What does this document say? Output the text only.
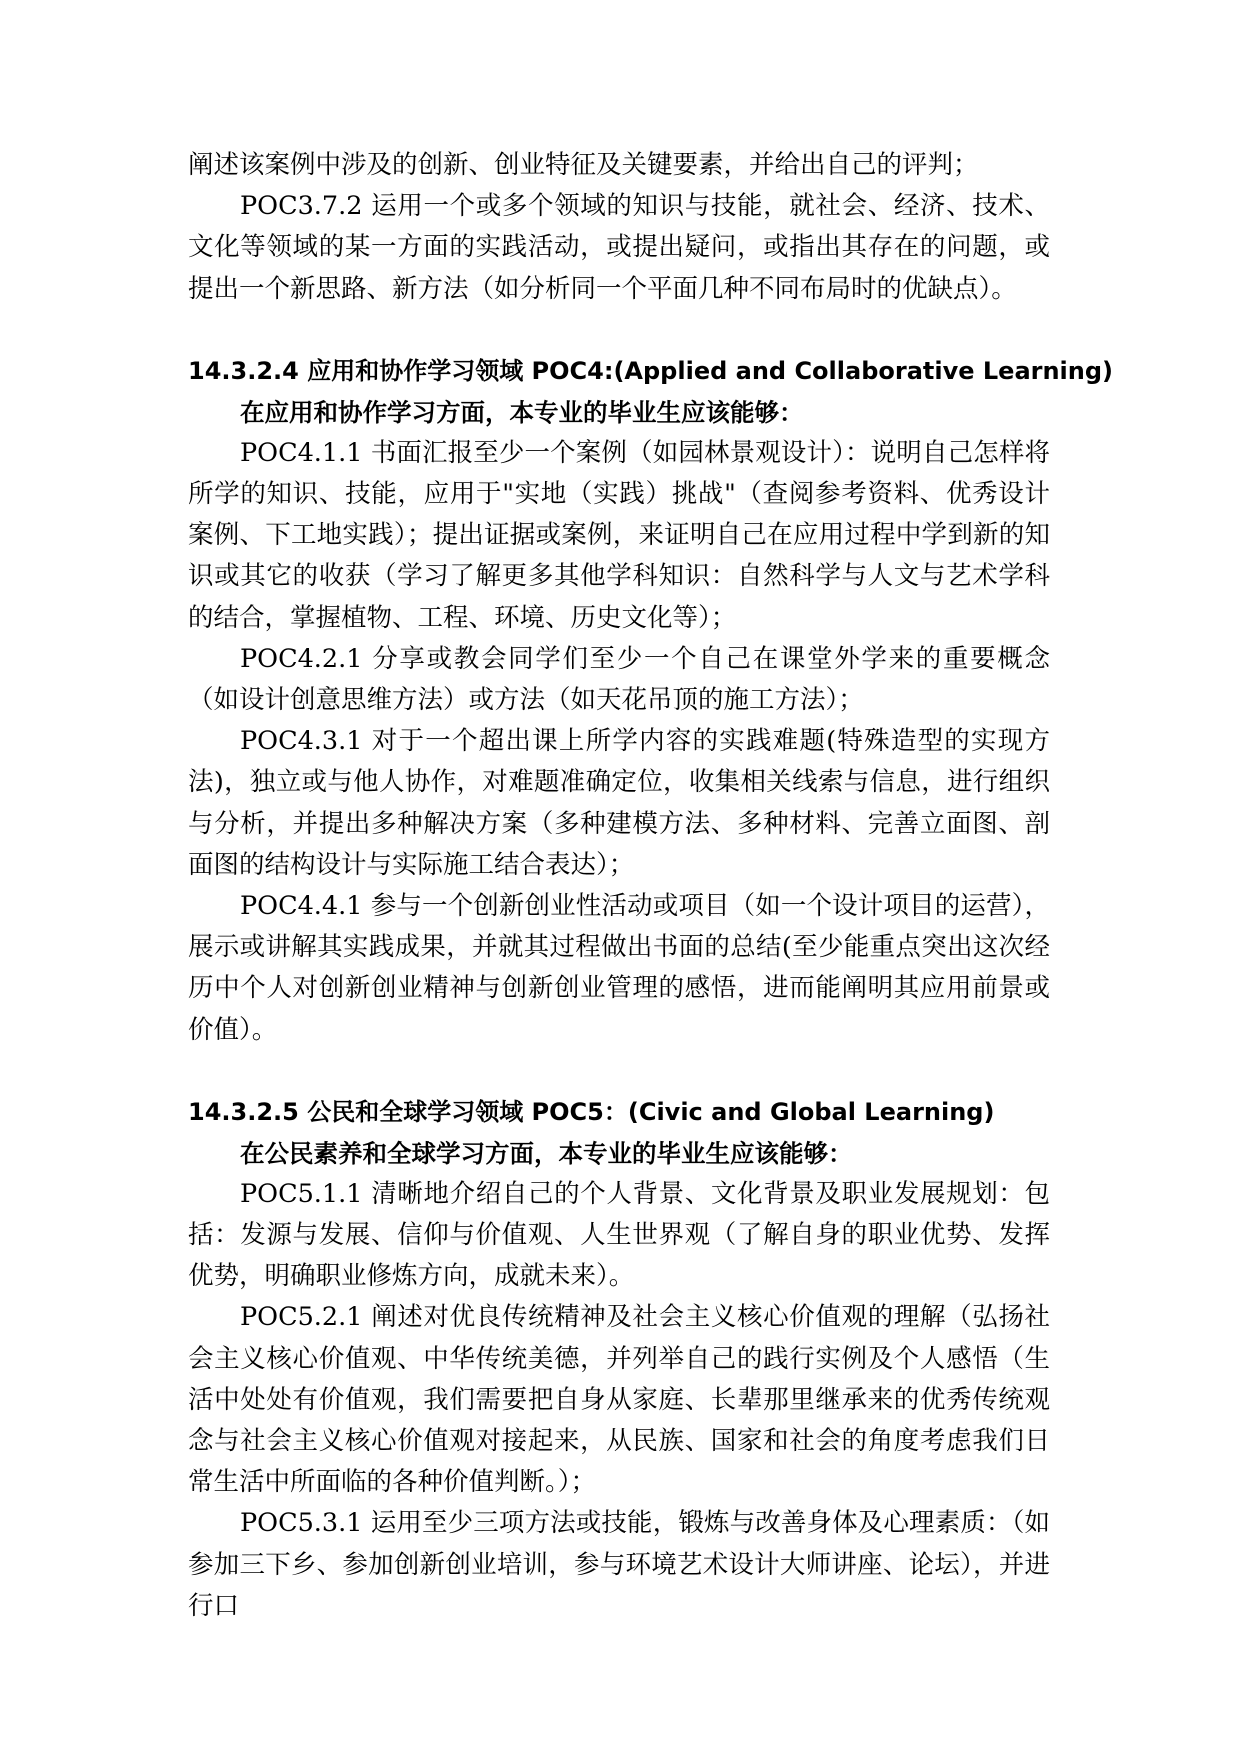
阐述该案例中涉及的创新、创业特征及关键要素，并给出自己的评判；

POC3.7.2 运用一个或多个领域的知识与技能，就社会、经济、技术、文化等领域的某一方面的实践活动，或提出疑问，或指出其存在的问题，或提出一个新思路、新方法（如分析同一个平面几种不同布局时的优缺点）。

14.3.2.4 应用和协作学习领域 POC4:(Applied and Collaborative Learning)
在应用和协作学习方面，本专业的毕业生应该能够：

POC4.1.1 书面汇报至少一个案例（如园林景观设计）：说明自己怎样将所学的知识、技能，应用于"实地（实践）挑战"（查阅参考资料、优秀设计案例、下工地实践）；提出证据或案例，来证明自己在应用过程中学到新的知识或其它的收获（学习了解更多其他学科知识：自然科学与人文与艺术学科的结合，掌握植物、工程、环境、历史文化等）；

POC4.2.1 分享或教会同学们至少一个自己在课堂外学来的重要概念（如设计创意思维方法）或方法（如天花吊顶的施工方法）；

POC4.3.1 对于一个超出课上所学内容的实践难题(特殊造型的实现方法)，独立或与他人协作，对难题准确定位，收集相关线索与信息，进行组织与分析，并提出多种解决方案（多种建模方法、多种材料、完善立面图、剖面图的结构设计与实际施工结合表达）；

POC4.4.1 参与一个创新创业性活动或项目（如一个设计项目的运营），展示或讲解其实践成果，并就其过程做出书面的总结(至少能重点突出这次经历中个人对创新创业精神与创新创业管理的感悟，进而能阐明其应用前景或价值）。

14.3.2.5 公民和全球学习领域 POC5：(Civic and Global Learning)
在公民素养和全球学习方面，本专业的毕业生应该能够：

POC5.1.1 清晰地介绍自己的个人背景、文化背景及职业发展规划：包括：发源与发展、信仰与价值观、人生世界观（了解自身的职业优势、发挥优势，明确职业修炼方向，成就未来）。

POC5.2.1 阐述对优良传统精神及社会主义核心价值观的理解（弘扬社会主义核心价值观、中华传统美德，并列举自己的践行实例及个人感悟（生活中处处有价值观，我们需要把自身从家庭、长辈那里继承来的优秀传统观念与社会主义核心价值观对接起来，从民族、国家和社会的角度考虑我们日常生活中所面临的各种价值判断。）；

POC5.3.1 运用至少三项方法或技能，锻炼与改善身体及心理素质：（如参加三下乡、参加创新创业培训，参与环境艺术设计大师讲座、论坛），并进行口
